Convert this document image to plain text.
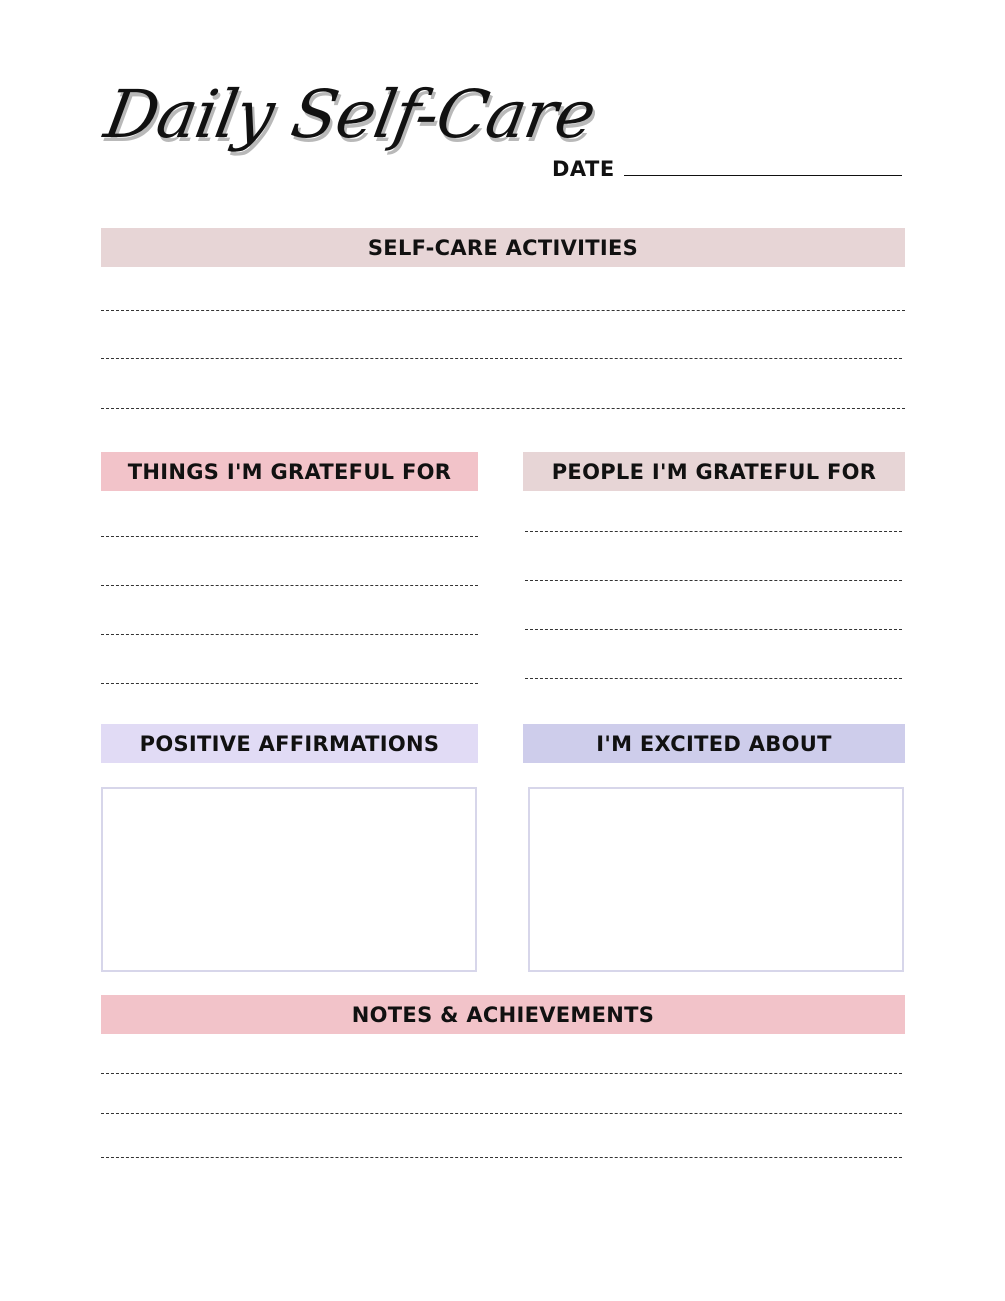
Daily Self-Care
DATE
SELF-CARE ACTIVITIES
THINGS I'M GRATEFUL FOR	PEOPLE I'M GRATEFUL FOR
POSITIVE AFFIRMATIONS	I'M EXCITED ABOUT
NOTES & ACHIEVEMENTS
